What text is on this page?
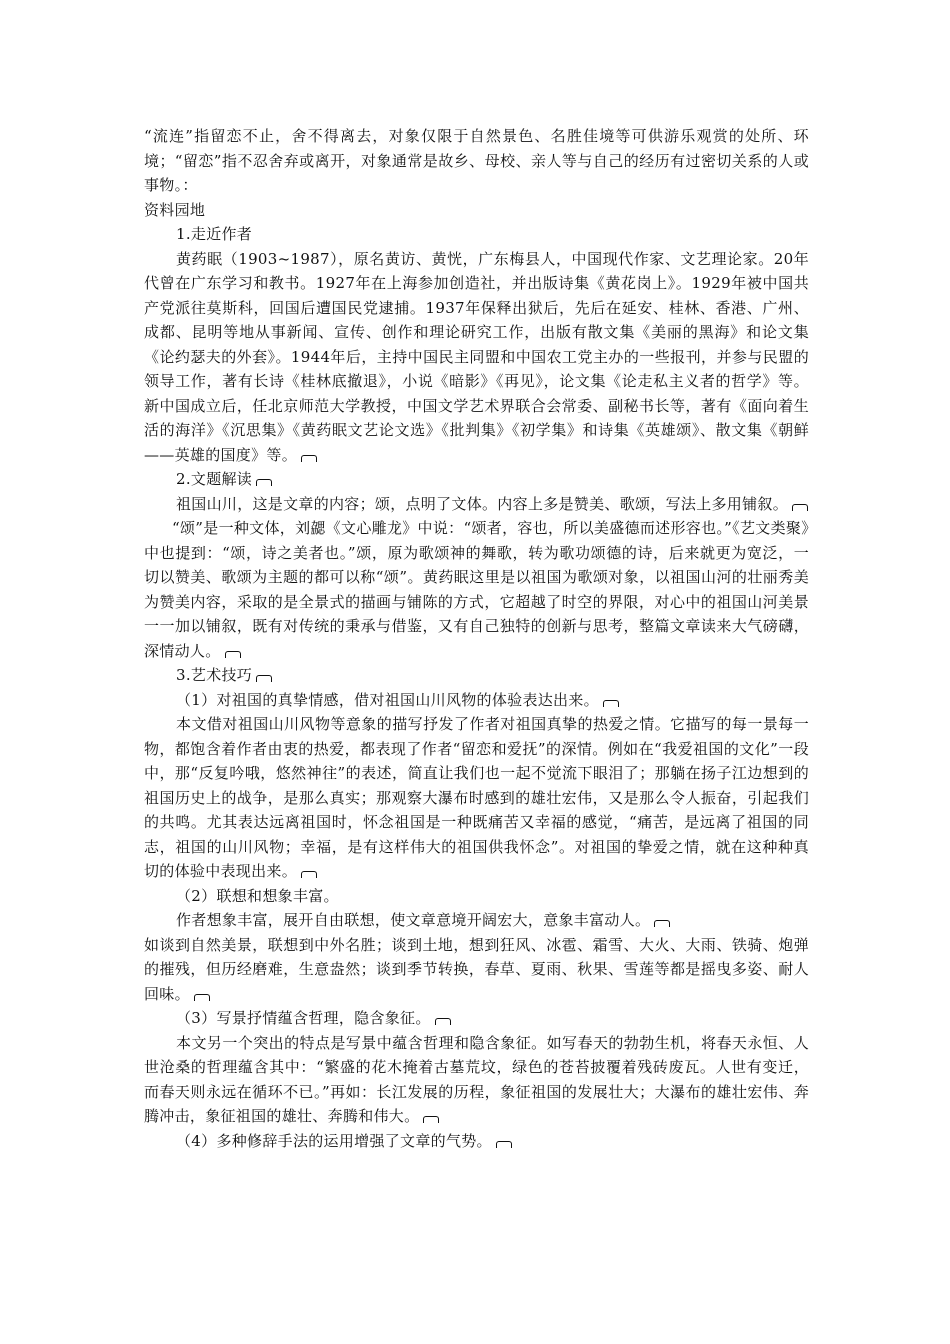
“流连”指留恋不止，舍不得离去，对象仅限于自然景色、名胜佳境等可供游乐观赏的处所、环境；“留恋”指不忍舍弃或离开，对象通常是故乡、母校、亲人等与自己的经历有过密切关系的人或事物。：

资料园地

1.走近作者

黄药眠（1903~1987），原名黄访、黄恍，广东梅县人，中国现代作家、文艺理论家。20年代曾在广东学习和教书。1927年在上海参加创造社，并出版诗集《黄花岗上》。1929年被中国共产党派往莫斯科，回国后遭国民党逮捕。1937年保释出狱后，先后在延安、桂林、香港、广州、成都、昆明等地从事新闻、宣传、创作和理论研究工作，出版有散文集《美丽的黑海》和论文集《论约瑟夫的外套》。1944年后，主持中国民主同盟和中国农工党主办的一些报刊，并参与民盟的领导工作，著有长诗《桂林底撤退》，小说《暗影》《再见》，论文集《论走私主义者的哲学》等。新中国成立后，任北京师范大学教授，中国文学艺术界联合会常委、副秘书长等，著有《面向着生活的海洋》《沉思集》《黄药眠文艺论文选》《批判集》《初学集》和诗集《英雄颂》、散文集《朝鲜——英雄的国度》等。

2.文题解读

祖国山川，这是文章的内容；颂，点明了文体。内容上多是赞美、歌颂，写法上多用铺叙。

“颂”是一种文体，刘勰《文心雕龙》中说：“颂者，容也，所以美盛德而述形容也。”《艺文类聚》中也提到：“颂，诗之美者也。”颂，原为歌颂神的舞歌，转为歌功颂德的诗，后来就更为宽泛，一切以赞美、歌颂为主题的都可以称“颂”。黄药眠这里是以祖国为歌颂对象，以祖国山河的壮丽秀美为赞美内容，采取的是全景式的描画与铺陈的方式，它超越了时空的界限，对心中的祖国山河美景一一加以铺叙，既有对传统的秉承与借鉴，又有自己独特的创新与思考，整篇文章读来大气磅礴，深情动人。

3.艺术技巧

（1）对祖国的真挚情感，借对祖国山川风物的体验表达出来。

本文借对祖国山川风物等意象的描写抒发了作者对祖国真挚的热爱之情。它描写的每一景每一物，都饱含着作者由衷的热爱，都表现了作者“留恋和爱抚”的深情。例如在“我爱祖国的文化”一段中，那“反复吟哦，悠然神往”的表述，简直让我们也一起不觉流下眼泪了；那躺在扬子江边想到的祖国历史上的战争，是那么真实；那观察大瀑布时感到的雄壮宏伟，又是那么令人振奋，引起我们的共鸣。尤其表达远离祖国时，怀念祖国是一种既痛苦又幸福的感觉，“痛苦，是远离了祖国的同志，祖国的山川风物；幸福，是有这样伟大的祖国供我怀念”。对祖国的挚爱之情，就在这种种真切的体验中表现出来。

（2）联想和想象丰富。

作者想象丰富，展开自由联想，使文章意境开阔宏大，意象丰富动人。

如谈到自然美景，联想到中外名胜；谈到土地，想到狂风、冰雹、霜雪、大火、大雨、铁骑、炮弹的摧残，但历经磨难，生意盎然；谈到季节转换，春草、夏雨、秋果、雪莲等都是摇曳多姿、耐人回味。

（3）写景抒情蕴含哲理，隐含象征。

本文另一个突出的特点是写景中蕴含哲理和隐含象征。如写春天的勃勃生机，将春天永恒、人世沧桑的哲理蕴含其中：“繁盛的花木掩着古墓荒坟，绿色的苍苔披覆着残砖废瓦。人世有变迁，而春天则永远在循环不已。”再如：长江发展的历程，象征祖国的发展壮大；大瀑布的雄壮宏伟、奔腾冲击，象征祖国的雄壮、奔腾和伟大。

（4）多种修辞手法的运用增强了文章的气势。
